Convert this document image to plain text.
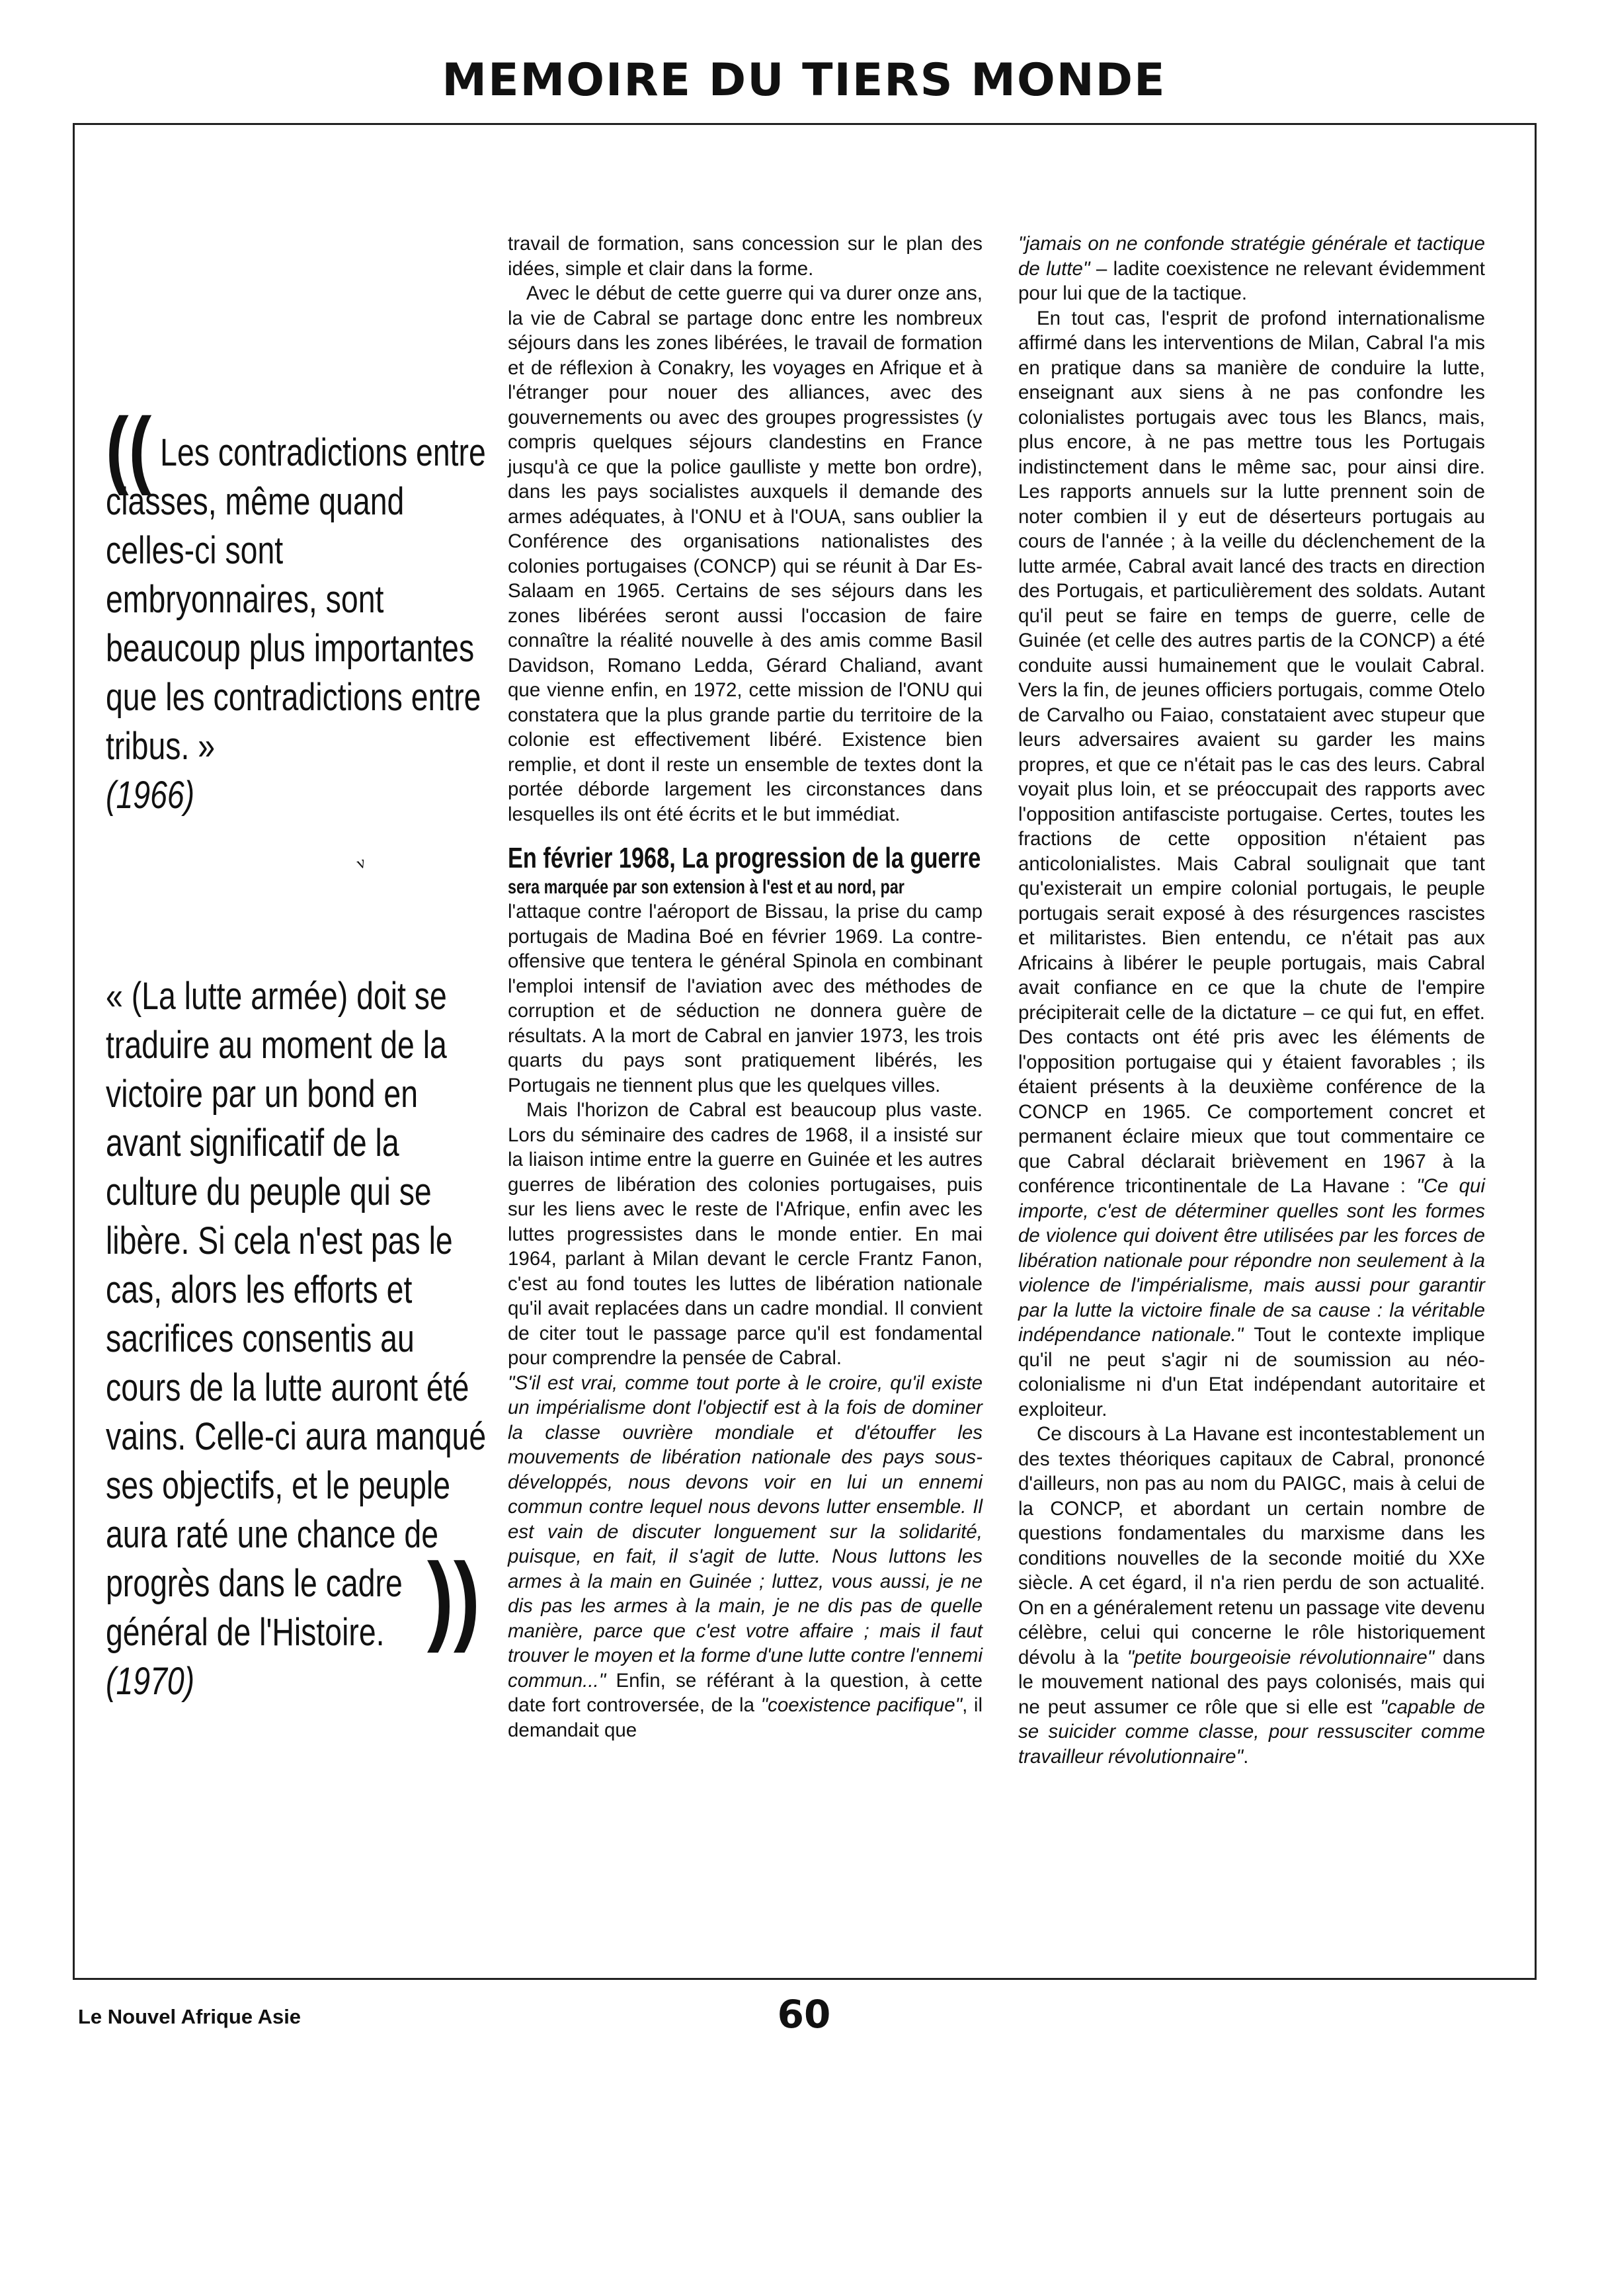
MEMOIRE DU TIERS MONDE
(( Les contradictions entre classes, même quand celles-ci sont embryonnaires, sont beaucoup plus importantes que les contradictions entre tribus. »
(1966)
ν
« (La lutte armée) doit se traduire au moment de la victoire par un bond en avant significatif de la culture du peuple qui se libère. Si cela n'est pas le cas, alors les efforts et sacrifices consentis au cours de la lutte auront été vains. Celle-ci aura manqué ses objectifs, et le peuple aura raté une chance de progrès dans le cadre général de l'Histoire.
(1970)
))

travail de formation, sans concession sur le plan des idées, simple et clair dans la forme.

Avec le début de cette guerre qui va durer onze ans, la vie de Cabral se partage donc entre les nombreux séjours dans les zones libérées, le travail de formation et de réflexion à Conakry, les voyages en Afrique et à l'étranger pour nouer des alliances, avec des gouvernements ou avec des groupes progressistes (y compris quelques séjours clandestins en France jusqu'à ce que la police gaulliste y mette bon ordre), dans les pays socialistes auxquels il demande des armes adéquates, à l'ONU et à l'OUA, sans oublier la Conférence des organisations nationalistes des colonies portugaises (CONCP) qui se réunit à Dar Es-Salaam en 1965. Certains de ses séjours dans les zones libérées seront aussi l'occasion de faire connaître la réalité nouvelle à des amis comme Basil Davidson, Romano Ledda, Gérard Chaliand, avant que vienne enfin, en 1972, cette mission de l'ONU qui constatera que la plus grande partie du territoire de la colonie est effectivement libéré. Existence bien remplie, et dont il reste un ensemble de textes dont la portée déborde largement les circonstances dans lesquelles ils ont été écrits et le but immédiat.

En février 1968, La progression de la guerre
sera marquée par son extension à l'est et au nord, par

l'attaque contre l'aéroport de Bissau, la prise du camp portugais de Madina Boé en février 1969. La contre-offensive que tentera le général Spinola en combinant l'emploi intensif de l'aviation avec des méthodes de corruption et de séduction ne donnera guère de résultats. A la mort de Cabral en janvier 1973, les trois quarts du pays sont pratiquement libérés, les Portugais ne tiennent plus que les quelques villes.

Mais l'horizon de Cabral est beaucoup plus vaste. Lors du séminaire des cadres de 1968, il a insisté sur la liaison intime entre la guerre en Guinée et les autres guerres de libération des colonies portugaises, puis sur les liens avec le reste de l'Afrique, enfin avec les luttes progressistes dans le monde entier. En mai 1964, parlant à Milan devant le cercle Frantz Fanon, c'est au fond toutes les luttes de libération nationale qu'il avait replacées dans un cadre mondial. Il convient de citer tout le passage parce qu'il est fondamental pour comprendre la pensée de Cabral.

"S'il est vrai, comme tout porte à le croire, qu'il existe un impérialisme dont l'objectif est à la fois de dominer la classe ouvrière mondiale et d'étouffer les mouvements de libération nationale des pays sous-développés, nous devons voir en lui un ennemi commun contre lequel nous devons lutter ensemble. Il est vain de discuter longuement sur la solidarité, puisque, en fait, il s'agit de lutte. Nous luttons les armes à la main en Guinée ; luttez, vous aussi, je ne dis pas les armes à la main, je ne dis pas de quelle manière, parce que c'est votre affaire ; mais il faut trouver le moyen et la forme d'une lutte contre l'ennemi commun..." Enfin, se référant à la question, à cette date fort controversée, de la "coexistence pacifique", il demandait que

"jamais on ne confonde stratégie générale et tactique de lutte" – ladite coexistence ne relevant évidemment pour lui que de la tactique.

En tout cas, l'esprit de profond internationalisme affirmé dans les interventions de Milan, Cabral l'a mis en pratique dans sa manière de conduire la lutte, enseignant aux siens à ne pas confondre les colonialistes portugais avec tous les Blancs, mais, plus encore, à ne pas mettre tous les Portugais indistinctement dans le même sac, pour ainsi dire. Les rapports annuels sur la lutte prennent soin de noter combien il y eut de déserteurs portugais au cours de l'année ; à la veille du déclenchement de la lutte armée, Cabral avait lancé des tracts en direction des Portugais, et particulièrement des soldats. Autant qu'il peut se faire en temps de guerre, celle de Guinée (et celle des autres partis de la CONCP) a été conduite aussi humainement que le voulait Cabral. Vers la fin, de jeunes officiers portugais, comme Otelo de Carvalho ou Faiao, constataient avec stupeur que leurs adversaires avaient su garder les mains propres, et que ce n'était pas le cas des leurs. Cabral voyait plus loin, et se préoccupait des rapports avec l'opposition antifasciste portugaise. Certes, toutes les fractions de cette opposition n'étaient pas anticolonialistes. Mais Cabral soulignait que tant qu'existerait un empire colonial portugais, le peuple portugais serait exposé à des résurgences rascistes et militaristes. Bien entendu, ce n'était pas aux Africains à libérer le peuple portugais, mais Cabral avait confiance en ce que la chute de l'empire précipiterait celle de la dictature – ce qui fut, en effet. Des contacts ont été pris avec les éléments de l'opposition portugaise qui y étaient favorables ; ils étaient présents à la deuxième conférence de la CONCP en 1965. Ce comportement concret et permanent éclaire mieux que tout commentaire ce que Cabral déclarait brièvement en 1967 à la conférence tricontinentale de La Havane : "Ce qui importe, c'est de déterminer quelles sont les formes de violence qui doivent être utilisées par les forces de libération nationale pour répondre non seulement à la violence de l'impérialisme, mais aussi pour garantir par la lutte la victoire finale de sa cause : la véritable indépendance nationale." Tout le contexte implique qu'il ne peut s'agir ni de soumission au néo-colonialisme ni d'un Etat indépendant autoritaire et exploiteur.

Ce discours à La Havane est incontestablement un des textes théoriques capitaux de Cabral, prononcé d'ailleurs, non pas au nom du PAIGC, mais à celui de la CONCP, et abordant un certain nombre de questions fondamentales du marxisme dans les conditions nouvelles de la seconde moitié du XXe siècle. A cet égard, il n'a rien perdu de son actualité. On en a généralement retenu un passage vite devenu célèbre, celui qui concerne le rôle historiquement dévolu à la "petite bourgeoisie révolutionnaire" dans le mouvement national des pays colonisés, mais qui ne peut assumer ce rôle que si elle est "capable de se suicider comme classe, pour ressusciter comme travailleur révolutionnaire".

Le Nouvel Afrique Asie	60
